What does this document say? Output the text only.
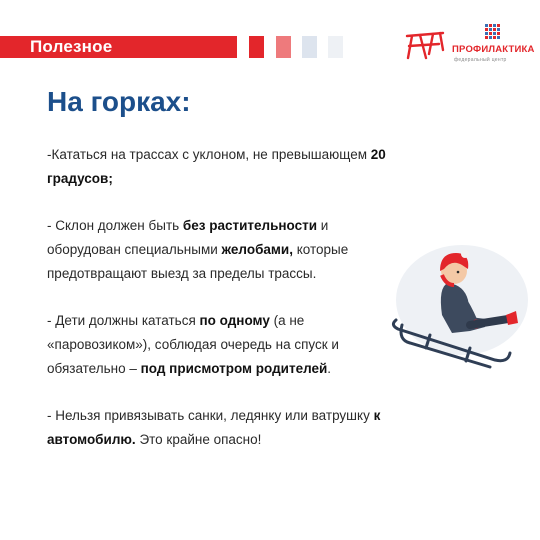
Полезное	ПРОФИЛАКТИКА
федеральный центр
На горках:

-Кататься на трассах с уклоном, не превышающем 20 градусов;

- Склон должен быть без растительности и оборудован специальными желобами, которые предотвращают выезд за пределы трассы.

- Дети должны кататься по одному (а не «паровозиком»), соблюдая очередь на спуск и обязательно – под присмотром родителей.

- Нельзя привязывать санки, ледянку или ватрушку к автомобилю. Это крайне опасно!
